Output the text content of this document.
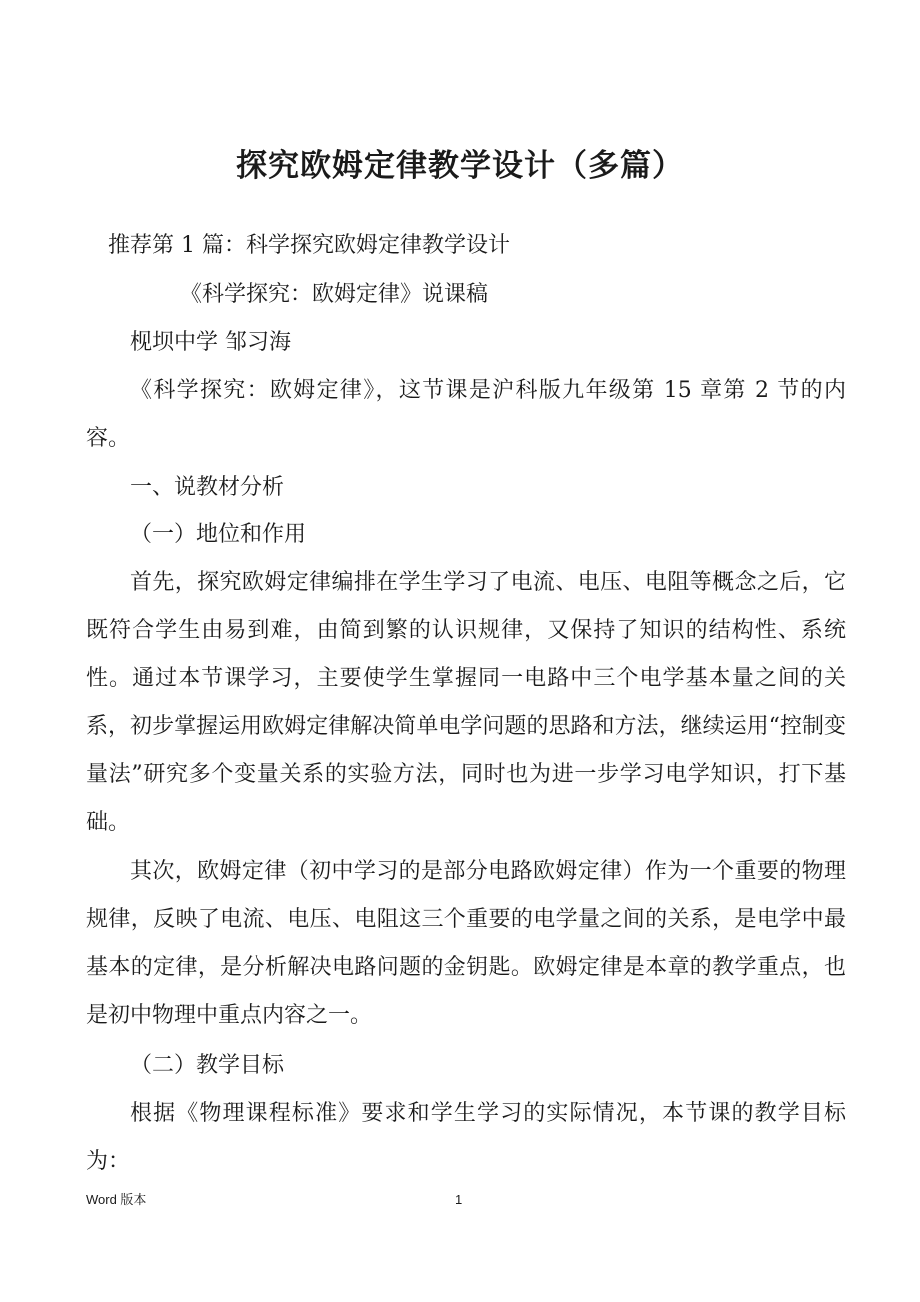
探究欧姆定律教学设计（多篇）
推荐第 1 篇：科学探究欧姆定律教学设计
《科学探究：欧姆定律》说课稿
枧坝中学 邹习海
《科学探究：欧姆定律》，这节课是沪科版九年级第 15 章第 2 节的内容。
一、说教材分析
（一）地位和作用
首先，探究欧姆定律编排在学生学习了电流、电压、电阻等概念之后，它既符合学生由易到难，由简到繁的认识规律，又保持了知识的结构性、系统性。通过本节课学习，主要使学生掌握同一电路中三个电学基本量之间的关系，初步掌握运用欧姆定律解决简单电学问题的思路和方法，继续运用“控制变量法”研究多个变量关系的实验方法，同时也为进一步学习电学知识，打下基础。
其次，欧姆定律（初中学习的是部分电路欧姆定律）作为一个重要的物理规律，反映了电流、电压、电阻这三个重要的电学量之间的关系，是电学中最基本的定律，是分析解决电路问题的金钥匙。欧姆定律是本章的教学重点，也是初中物理中重点内容之一。
（二）教学目标
根据《物理课程标准》要求和学生学习的实际情况，本节课的教学目标为：
Word 版本	1
